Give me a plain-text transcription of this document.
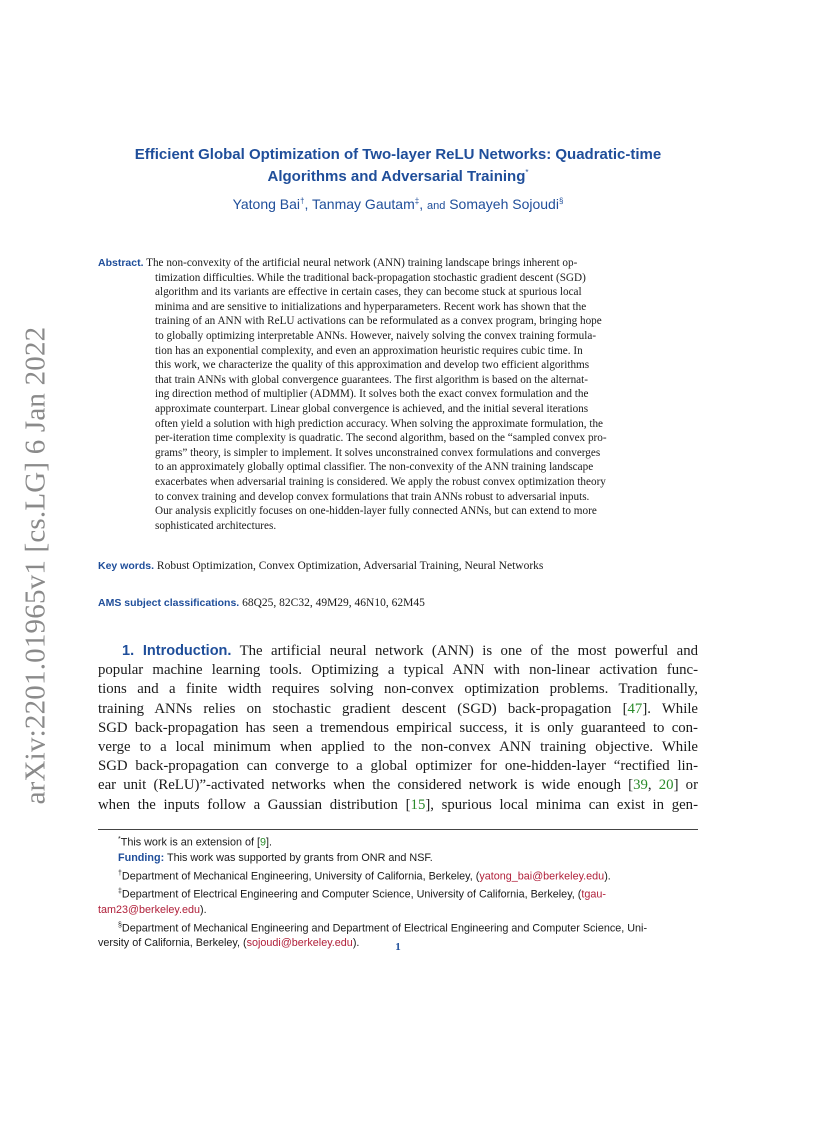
arXiv:2201.01965v1 [cs.LG] 6 Jan 2022
Efficient Global Optimization of Two-layer ReLU Networks: Quadratic-time
Algorithms and Adversarial Training*
Yatong Bai†, Tanmay Gautam‡, and Somayeh Sojoudi§
Abstract. The non-convexity of the artificial neural network (ANN) training landscape brings inherent op-
timization difficulties. While the traditional back-propagation stochastic gradient descent (SGD)
algorithm and its variants are effective in certain cases, they can become stuck at spurious local
minima and are sensitive to initializations and hyperparameters. Recent work has shown that the
training of an ANN with ReLU activations can be reformulated as a convex program, bringing hope
to globally optimizing interpretable ANNs. However, naively solving the convex training formula-
tion has an exponential complexity, and even an approximation heuristic requires cubic time. In
this work, we characterize the quality of this approximation and develop two efficient algorithms
that train ANNs with global convergence guarantees. The first algorithm is based on the alternat-
ing direction method of multiplier (ADMM). It solves both the exact convex formulation and the
approximate counterpart. Linear global convergence is achieved, and the initial several iterations
often yield a solution with high prediction accuracy. When solving the approximate formulation, the
per-iteration time complexity is quadratic. The second algorithm, based on the “sampled convex pro-
grams” theory, is simpler to implement. It solves unconstrained convex formulations and converges
to an approximately globally optimal classifier. The non-convexity of the ANN training landscape
exacerbates when adversarial training is considered. We apply the robust convex optimization theory
to convex training and develop convex formulations that train ANNs robust to adversarial inputs.
Our analysis explicitly focuses on one-hidden-layer fully connected ANNs, but can extend to more
sophisticated architectures.
Key words. Robust Optimization, Convex Optimization, Adversarial Training, Neural Networks
AMS subject classifications. 68Q25, 82C32, 49M29, 46N10, 62M45
1. Introduction. The artificial neural network (ANN) is one of the most powerful and
popular machine learning tools. Optimizing a typical ANN with non-linear activation func-
tions and a finite width requires solving non-convex optimization problems. Traditionally,
training ANNs relies on stochastic gradient descent (SGD) back-propagation [47]. While
SGD back-propagation has seen a tremendous empirical success, it is only guaranteed to con-
verge to a local minimum when applied to the non-convex ANN training objective. While
SGD back-propagation can converge to a global optimizer for one-hidden-layer “rectified lin-
ear unit (ReLU)”-activated networks when the considered network is wide enough [39, 20] or
when the inputs follow a Gaussian distribution [15], spurious local minima can exist in gen-
*This work is an extension of [9].
Funding: This work was supported by grants from ONR and NSF.
†Department of Mechanical Engineering, University of California, Berkeley, (yatong_bai@berkeley.edu).
‡Department of Electrical Engineering and Computer Science, University of California, Berkeley, (tgau-
tam23@berkeley.edu).
§Department of Mechanical Engineering and Department of Electrical Engineering and Computer Science, Uni-
versity of California, Berkeley, (sojoudi@berkeley.edu).	1
